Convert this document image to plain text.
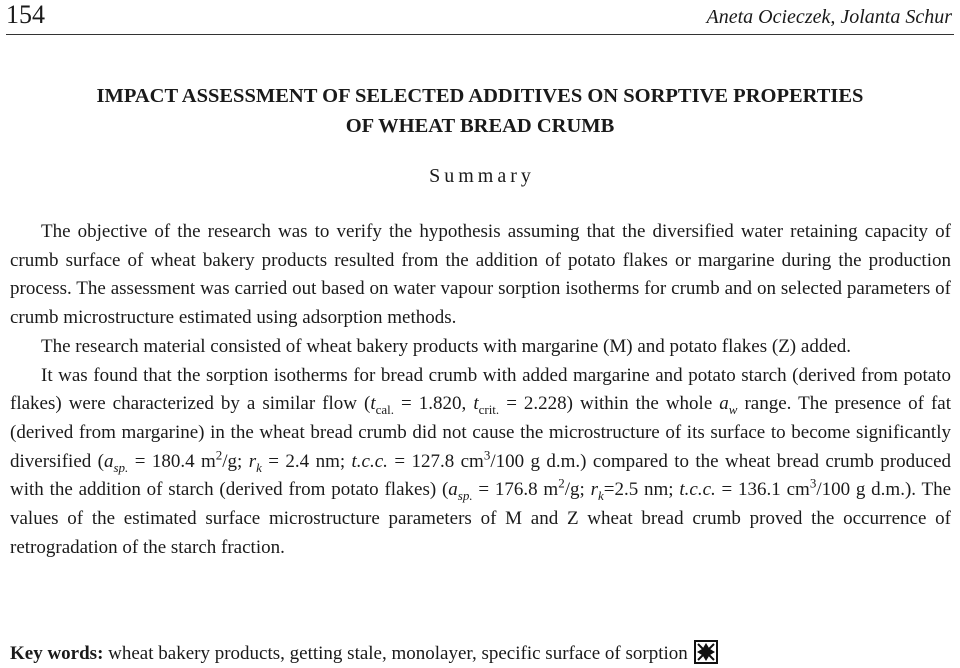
154	Aneta Ocieczek, Jolanta Schur
IMPACT ASSESSMENT OF SELECTED ADDITIVES ON SORPTIVE PROPERTIES
OF WHEAT BREAD CRUMB
Summary

The objective of the research was to verify the hypothesis assuming that the diversified water retaining capacity of crumb surface of wheat bakery products resulted from the addition of potato flakes or margarine during the production process. The assessment was carried out based on water vapour sorption isotherms for crumb and on selected parameters of crumb microstructure estimated using adsorption methods.

The research material consisted of wheat bakery products with margarine (M) and potato flakes (Z) added.

It was found that the sorption isotherms for bread crumb with added margarine and potato starch (derived from potato flakes) were characterized by a similar flow ($t_{cal.} = 1.820$, $t_{crit.} = 2.228$) within the whole $a_w$ range. The presence of fat (derived from margarine) in the wheat bread crumb did not cause the microstructure of its surface to become significantly diversified ($a_{sp.} = 180.4$ $m^2/g$; $r_k = 2.4$ nm; t.c.c. = 127.8 $cm^3/100$ g d.m.) compared to the wheat bread crumb produced with the addition of starch (derived from potato flakes) ($a_{sp.} = 176.8$ $m^2/g$; $r_k=2.5$ nm; t.c.c. = 136.1 $cm^3/100$ g d.m.). The values of the estimated surface microstructure parameters of M and Z wheat bread crumb proved the occurrence of retrogradation of the starch fraction.

Key words: wheat bakery products, getting stale, monolayer, specific surface of sorption
